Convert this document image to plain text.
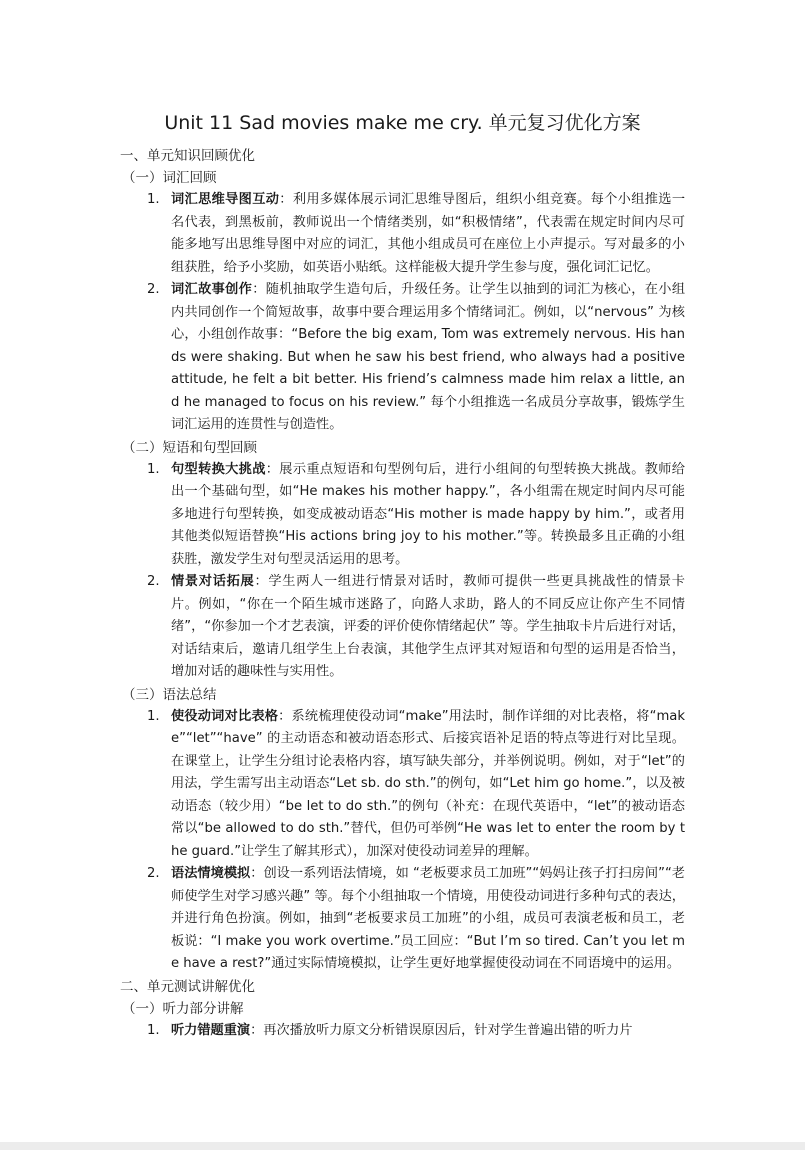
Unit 11 Sad movies make me cry. 单元复习优化方案
一、单元知识回顾优化
（一）词汇回顾
1. 词汇思维导图互动：利用多媒体展示词汇思维导图后，组织小组竞赛。每个小组推选一名代表，到黑板前，教师说出一个情绪类别，如“积极情绪”，代表需在规定时间内尽可能多地写出思维导图中对应的词汇，其他小组成员可在座位上小声提示。写对最多的小组获胜，给予小奖励，如英语小贴纸。这样能极大提升学生参与度，强化词汇记忆。
2. 词汇故事创作：随机抽取学生造句后，升级任务。让学生以抽到的词汇为核心，在小组内共同创作一个简短故事，故事中要合理运用多个情绪词汇。例如，以“nervous” 为核心，小组创作故事：“Before the big exam, Tom was extremely nervous. His hands were shaking. But when he saw his best friend, who always had a positive attitude, he felt a bit better. His friend’s calmness made him relax a little, and he managed to focus on his review.” 每个小组推选一名成员分享故事，锻炼学生词汇运用的连贯性与创造性。
（二）短语和句型回顾
1. 句型转换大挑战：展示重点短语和句型例句后，进行小组间的句型转换大挑战。教师给出一个基础句型，如“He makes his mother happy.”，各小组需在规定时间内尽可能多地进行句型转换，如变成被动语态“His mother is made happy by him.”，或者用其他类似短语替换“His actions bring joy to his mother.”等。转换最多且正确的小组获胜，激发学生对句型灵活运用的思考。
2. 情景对话拓展：学生两人一组进行情景对话时，教师可提供一些更具挑战性的情景卡片。例如，“你在一个陌生城市迷路了，向路人求助，路人的不同反应让你产生不同情绪”，“你参加一个才艺表演，评委的评价使你情绪起伏” 等。学生抽取卡片后进行对话，对话结束后，邀请几组学生上台表演，其他学生点评其对短语和句型的运用是否恰当，增加对话的趣味性与实用性。
（三）语法总结
1. 使役动词对比表格：系统梳理使役动词“make”用法时，制作详细的对比表格，将“make”“let”“have” 的主动语态和被动语态形式、后接宾语补足语的特点等进行对比呈现。在课堂上，让学生分组讨论表格内容，填写缺失部分，并举例说明。例如，对于“let”的用法，学生需写出主动语态“Let sb. do sth.”的例句，如“Let him go home.”，以及被动语态（较少用）“be let to do sth.”的例句（补充：在现代英语中，“let”的被动语态常以“be allowed to do sth.”替代，但仍可举例“He was let to enter the room by the guard.”让学生了解其形式），加深对使役动词差异的理解。
2. 语法情境模拟：创设一系列语法情境，如 “老板要求员工加班”“妈妈让孩子打扫房间”“老师使学生对学习感兴趣” 等。每个小组抽取一个情境，用使役动词进行多种句式的表达，并进行角色扮演。例如，抽到“老板要求员工加班”的小组，成员可表演老板和员工，老板说：“I make you work overtime.”员工回应：“But I’m so tired. Can’t you let me have a rest?”通过实际情境模拟，让学生更好地掌握使役动词在不同语境中的运用。
二、单元测试讲解优化
（一）听力部分讲解
1. 听力错题重演：再次播放听力原文分析错误原因后，针对学生普遍出错的听力片
